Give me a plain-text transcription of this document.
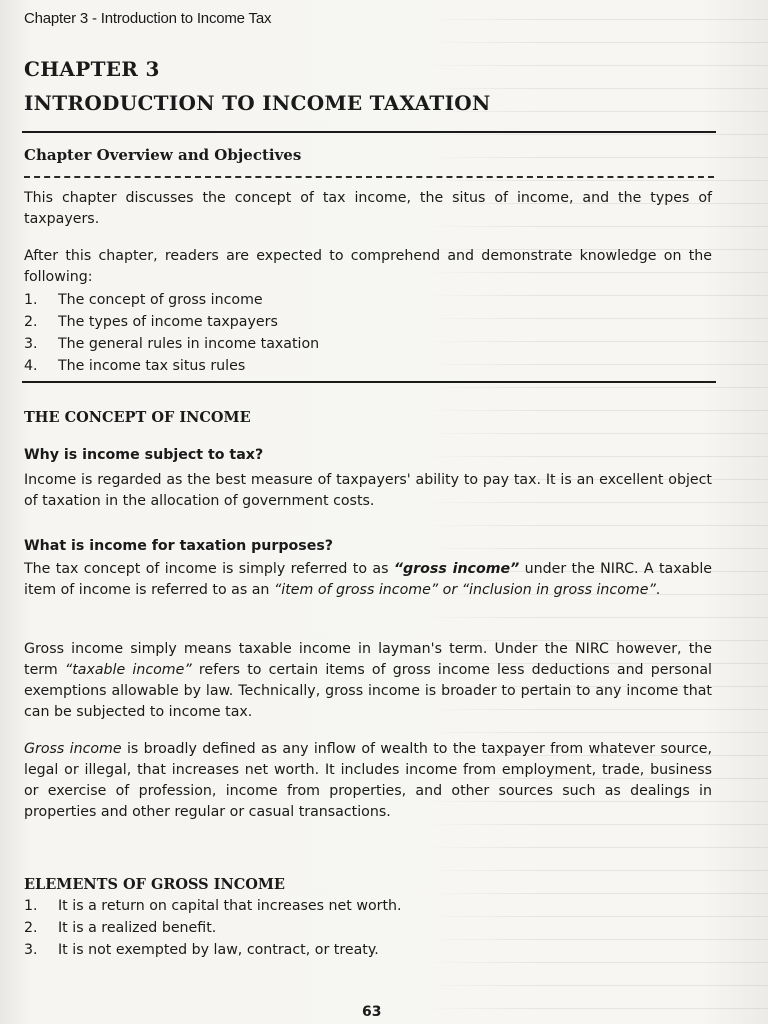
Chapter 3 - Introduction to Income Tax
CHAPTER 3
INTRODUCTION TO INCOME TAXATION
Chapter Overview and Objectives
This chapter discusses the concept of tax income, the situs of income, and the types of taxpayers.
After this chapter, readers are expected to comprehend and demonstrate knowledge on the following:
1.	The concept of gross income
2.	The types of income taxpayers
3.	The general rules in income taxation
4.	The income tax situs rules
THE CONCEPT OF INCOME
Why is income subject to tax?
Income is regarded as the best measure of taxpayers' ability to pay tax. It is an excellent object of taxation in the allocation of government costs.
What is income for taxation purposes?
The tax concept of income is simply referred to as “gross income” under the NIRC. A taxable item of income is referred to as an “item of gross income” or “inclusion in gross income”.
Gross income simply means taxable income in layman's term. Under the NIRC however, the term “taxable income” refers to certain items of gross income less deductions and personal exemptions allowable by law. Technically, gross income is broader to pertain to any income that can be subjected to income tax.
Gross income is broadly defined as any inflow of wealth to the taxpayer from whatever source, legal or illegal, that increases net worth. It includes income from employment, trade, business or exercise of profession, income from properties, and other sources such as dealings in properties and other regular or casual transactions.
ELEMENTS OF GROSS INCOME
1.	It is a return on capital that increases net worth.
2.	It is a realized benefit.
3.	It is not exempted by law, contract, or treaty.
63
